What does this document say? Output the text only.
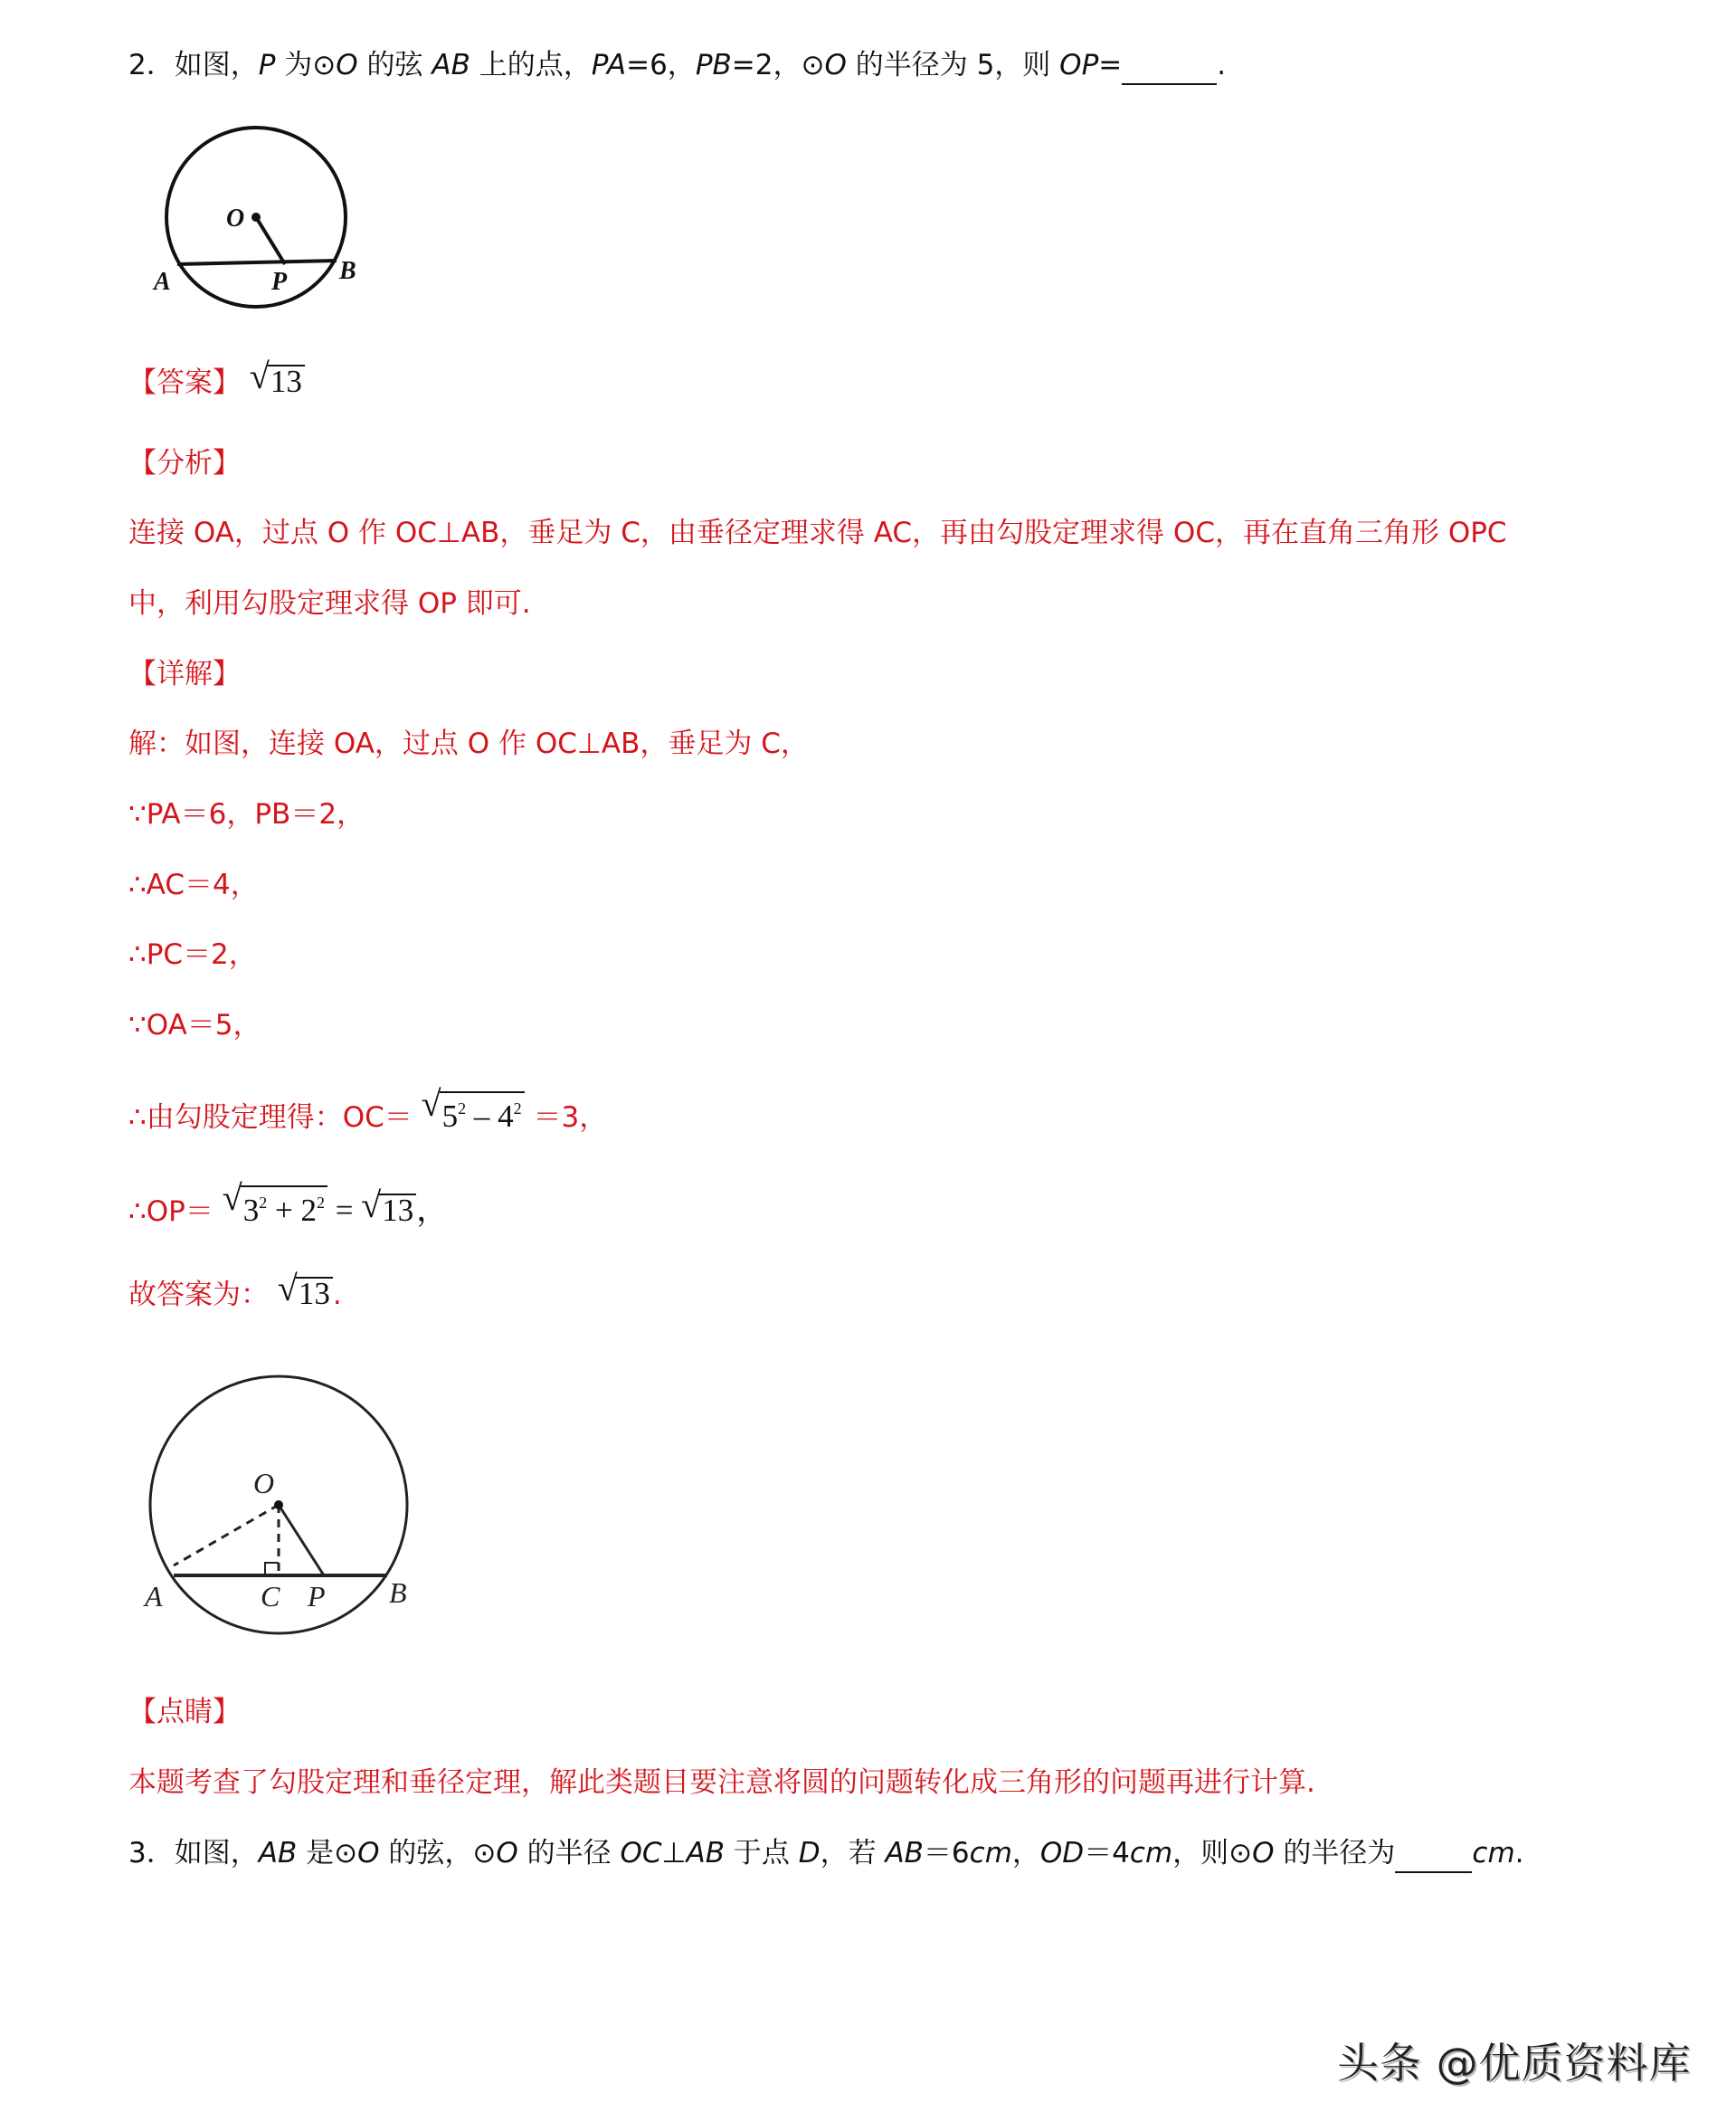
2．如图，P 为⊙O 的弦 AB 上的点，PA=6，PB=2，⊙O 的半径为 5，则 OP=	.
O
A	P B
【答案】 √ 13
【分析】
连接 OA，过点 O 作 OC⊥AB，垂足为 C，由垂径定理求得 AC，再由勾股定理求得 OC，再在直角三角形 OPC
中，利用勾股定理求得 OP 即可.
【详解】
解：如图，连接 OA，过点 O 作 OC⊥AB，垂足为 C，
∵PA＝6，PB＝2，
∴AC＝4，
∴PC＝2，
∵OA＝5，
∴由勾股定理得：OC＝ √ $5^2 - 4^2 =3$，
∴OP＝ √ $3^2 + 2^2$ = √ 13，
故答案为： √ 13.
O
A	C P B
【点睛】
本题考查了勾股定理和垂径定理，解此类题目要注意将圆的问题转化成三角形的问题再进行计算.
3．如图，AB 是⊙O 的弦，⊙O 的半径 OC⊥AB 于点 D，若 AB＝6cm，OD＝4cm，则⊙O 的半径为	cm.
头条 @优质资料库
